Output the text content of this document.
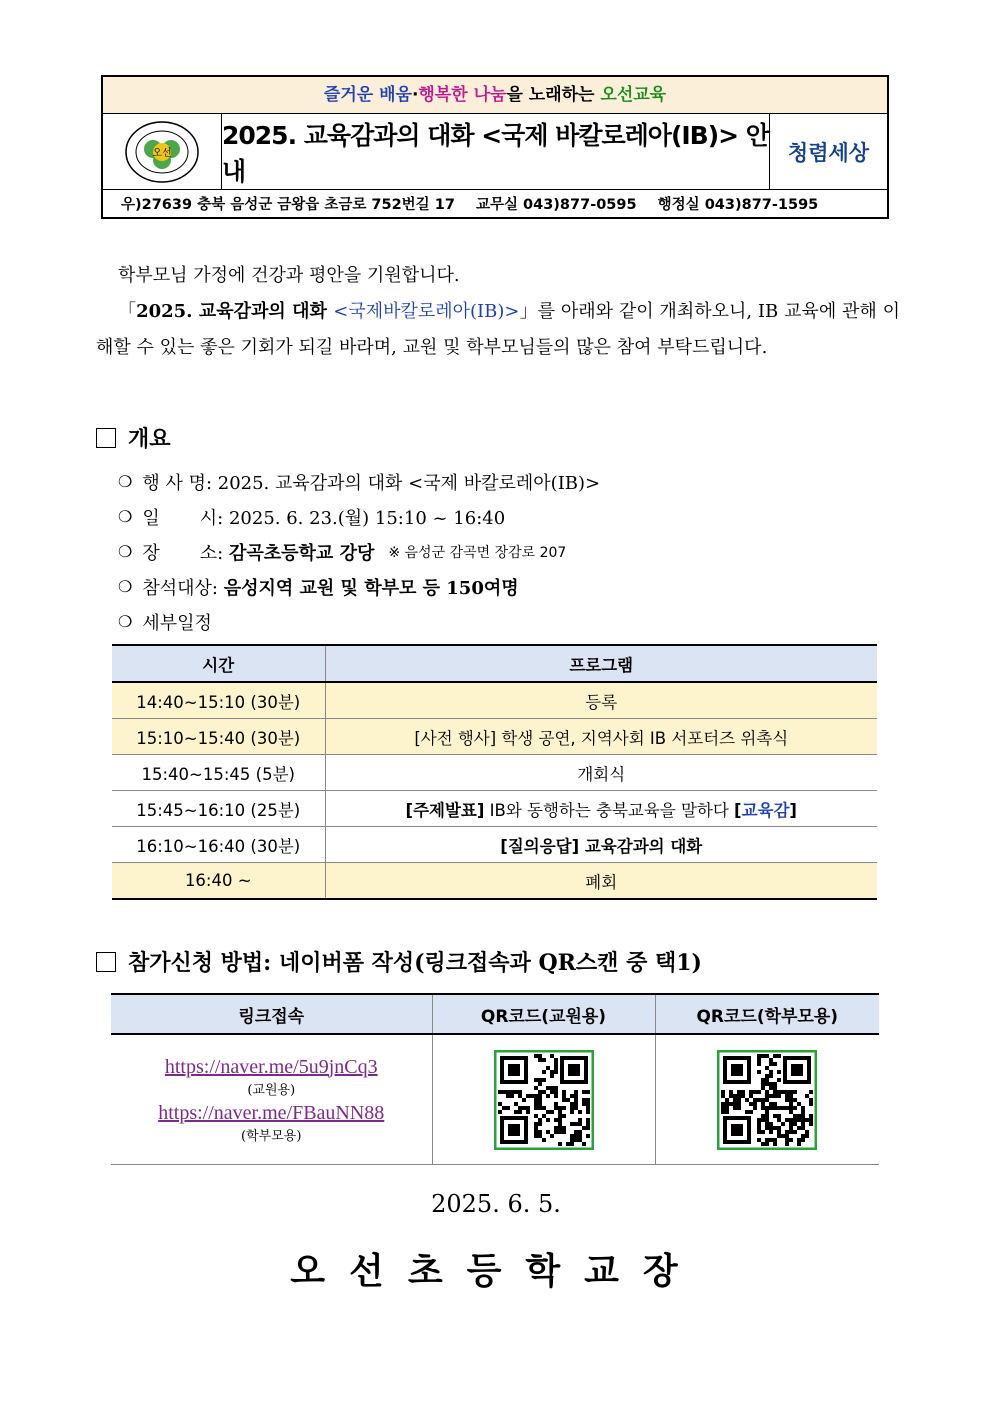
즐거운 배움·행복한 나눔을 노래하는 오선교육
오선
2025. 교육감과의 대화 <국제 바칼로레아(IB)> 안내
청렴세상
우)27639 충북 음성군 금왕읍 초금로 752번길 17 교무실 043)877-0595 행정실 043)877-1595

학부모님 가정에 건강과 평안을 기원합니다.

「2025. 교육감과의 대화 <국제바칼로레아(IB)>」를 아래와 같이 개최하오니, IB 교육에 관해 이해할 수 있는 좋은 기회가 되길 바라며, 교원 및 학부모님들의 많은 참여 부탁드립니다.

개요
❍ 행 사 명: 2025. 교육감과의 대화 <국제 바칼로레아(IB)>
❍ 일       시: 2025. 6. 23.(월) 15:10 ~ 16:40
❍ 장       소: 감곡초등학교 강당 ※ 음성군 감곡면 장감로 207
❍ 참석대상: 음성지역 교원 및 학부모 등 150여명
❍ 세부일정
시간	프로그램
14:40~15:10 (30분)	등록
15:10~15:40 (30분)	[사전 행사] 학생 공연, 지역사회 IB 서포터즈 위촉식
15:40~15:45 (5분)	개회식
15:45~16:10 (25분)	[주제발표] IB와 동행하는 충북교육을 말하다 [교육감]
16:10~16:40 (30분)	[질의응답] 교육감과의 대화
16:40 ~	폐회
참가신청 방법: 네이버폼 작성(링크접속과 QR스캔 중 택1)
링크접속	QR코드(교원용)	QR코드(학부모용)

https://naver.me/5u9jnCq3
(교원용)
https://naver.me/FBauNN88
(학부모용)

2025. 6. 5.
오선초등학교장
